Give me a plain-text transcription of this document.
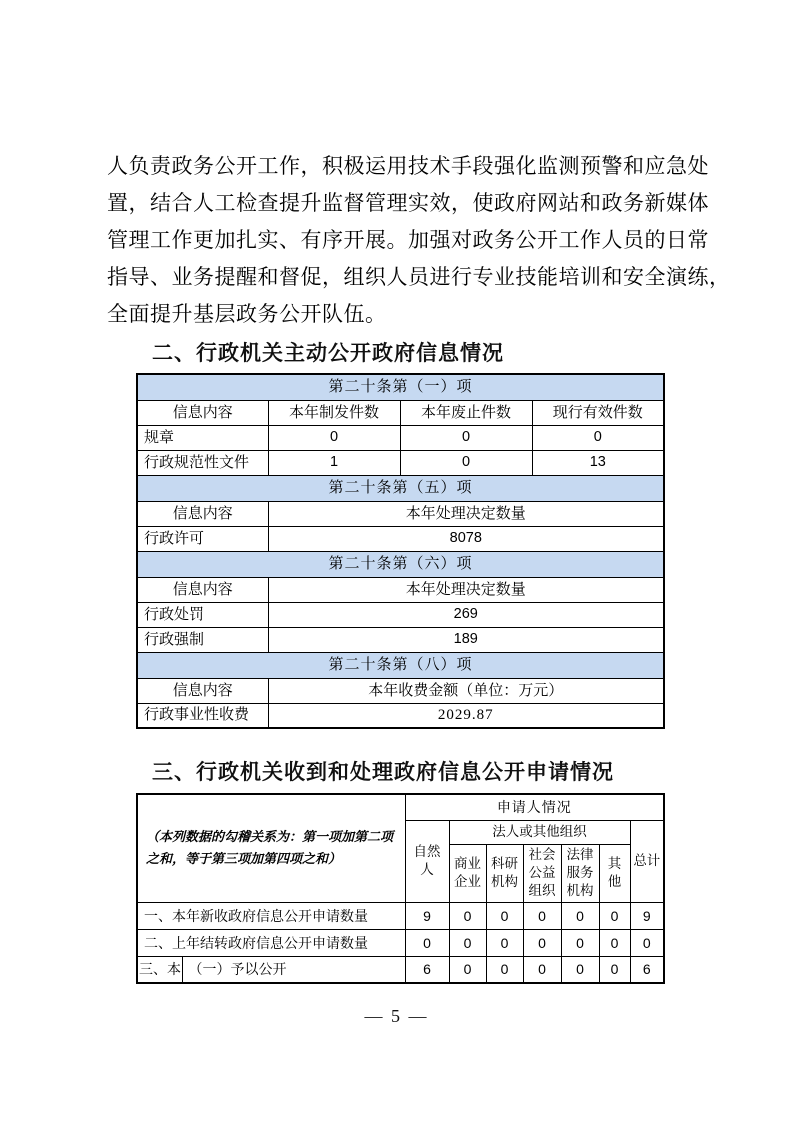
人负责政务公开工作，积极运用技术手段强化监测预警和应急处
置，结合人工检查提升监督管理实效，使政府网站和政务新媒体
管理工作更加扎实、有序开展。加强对政务公开工作人员的日常
指导、业务提醒和督促，组织人员进行专业技能培训和安全演练，
全面提升基层政务公开队伍。
二、行政机关主动公开政府信息情况
第二十条第（一）项			
信息内容	本年制发件数	本年废止件数	现行有效件数
规章	0	0	0
行政规范性文件	1	0	13
第二十条第（五）项			
信息内容	本年处理决定数量		
行政许可	8078		
第二十条第（六）项			
信息内容	本年处理决定数量		
行政处罚	269		
行政强制	189		
第二十条第（八）项			
信息内容	本年收费金额（单位：万元）		
行政事业性收费	2029.87		
三、行政机关收到和处理政府信息公开申请情况
（本列数据的勾稽关系为：第一项加第二项之和，等于第三项加第四项之和）		申请人情况						
		自然人	法人或其他组织					总计
			商业企业	科研机构	社会公益组织	法律服务机构	其他	
一、本年新收政府信息公开申请数量		9	0	0	0	0	0	9
二、上年结转政府信息公开申请数量		0	0	0	0	0	0	0
三、本	（一）予以公开	6	0	0	0	0	0	6
— 5 —
